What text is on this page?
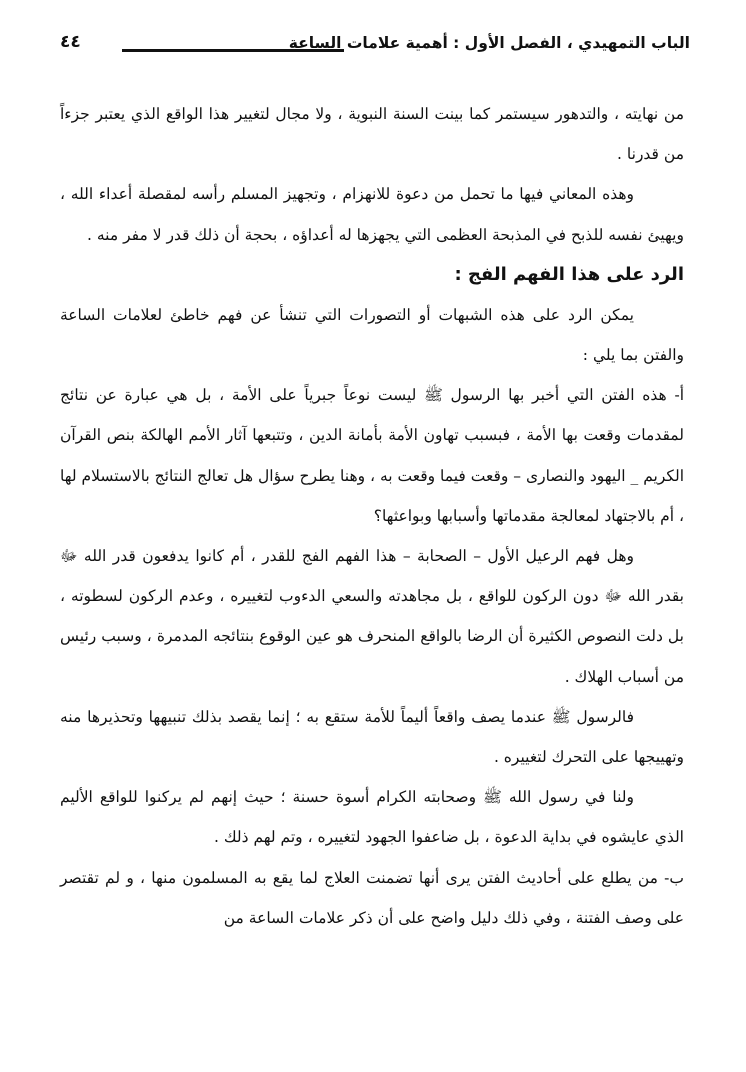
الباب التمهيدي ، الفصل الأول : أهمية علامات الساعة
٤٤

من نهايته ، والتدهور سيستمر كما بينت السنة النبوية ، ولا مجال لتغيير هذا الواقع الذي يعتبر جزءاً من قدرنا .

وهذه المعاني فيها ما تحمل من دعوة للانهزام ، وتجهيز المسلم رأسه لمقصلة أعداء الله ، ويهيئ نفسه للذبح في المذبحة العظمى التي يجهزها له أعداؤه ، بحجة أن ذلك قدر لا مفر منه .

الرد على هذا الفهم الفج :

يمكن الرد على هذه الشبهات أو التصورات التي تنشأ عن فهم خاطئ لعلامات الساعة والفتن بما يلي :

أ- هذه الفتن التي أخبر بها الرسول ﷺ ليست نوعاً جبرياً على الأمة ، بل هي عبارة عن نتائج لمقدمات وقعت بها الأمة ، فبسبب تهاون الأمة بأمانة الدين ، وتتبعها آثار الأمم الهالكة بنص القرآن الكريم _ اليهود والنصارى – وقعت فيما وقعت به ، وهنا يطرح سؤال هل تعالج النتائج بالاستسلام لها ، أم بالاجتهاد لمعالجة مقدماتها وأسبابها وبواعثها؟

وهل فهم الرعيل الأول – الصحابة – هذا الفهم الفج للقدر ، أم كانوا يدفعون قدر الله ﷻ بقدر الله ﷻ دون الركون للواقع ، بل مجاهدته والسعي الدءوب لتغييره ، وعدم الركون لسطوته ، بل دلت النصوص الكثيرة أن الرضا بالواقع المنحرف هو عين الوقوع بنتائجه المدمرة ، وسبب رئيس من أسباب الهلاك .

فالرسول ﷺ عندما يصف واقعاً أليماً للأمة ستقع به ؛ إنما يقصد بذلك تنبيهها وتحذيرها منه وتهييجها على التحرك لتغييره .

ولنا في رسول الله ﷺ وصحابته الكرام أسوة حسنة ؛ حيث إنهم لم يركنوا للواقع الأليم الذي عايشوه في بداية الدعوة ، بل ضاعفوا الجهود لتغييره ، وتم لهم ذلك .

ب- من يطلع على أحاديث الفتن يرى أنها تضمنت العلاج لما يقع به المسلمون منها ، و لم تقتصر على وصف الفتنة ، وفي ذلك دليل واضح على أن ذكر علامات الساعة من
